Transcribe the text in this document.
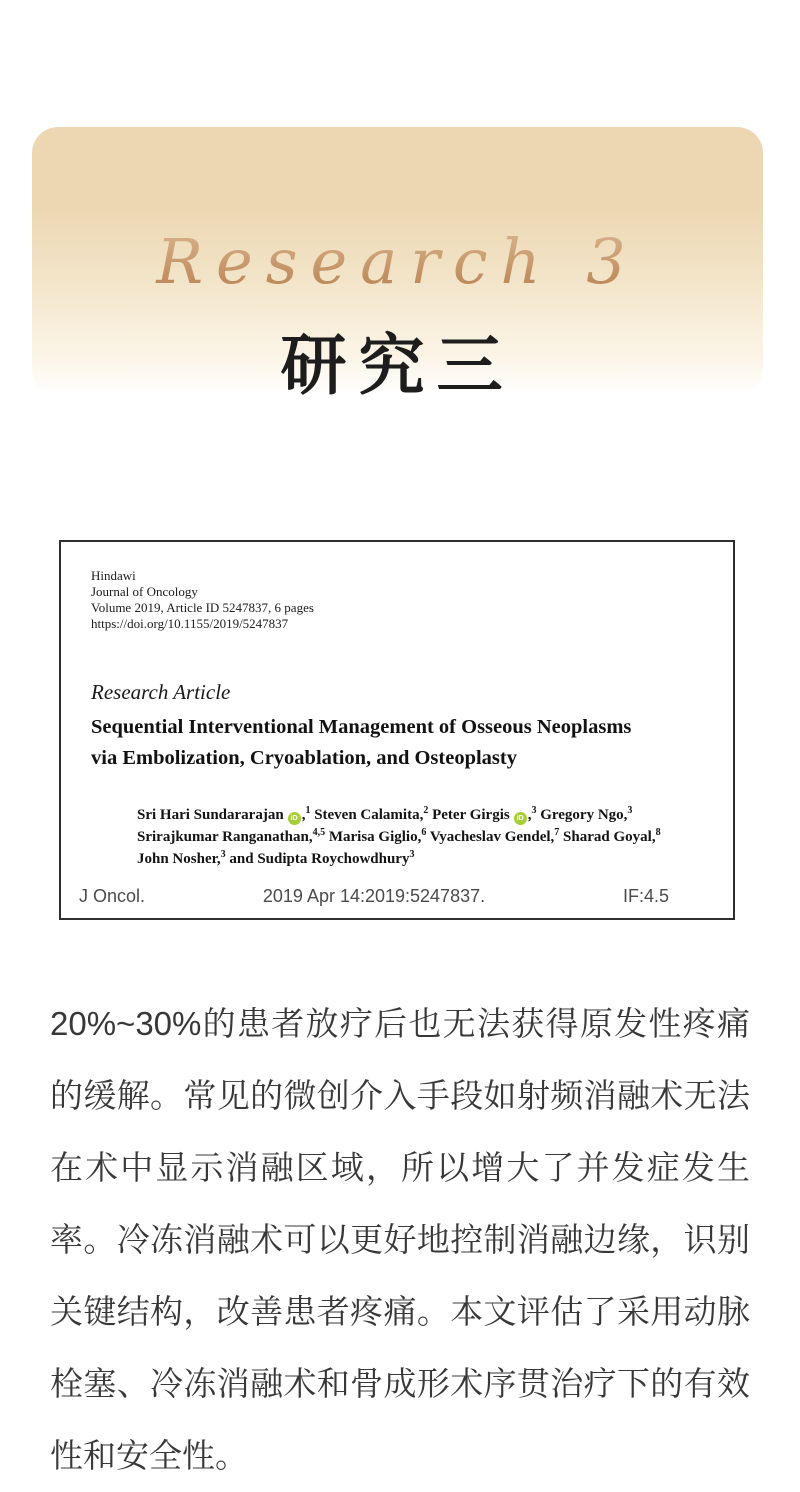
Research 3
研究三
Hindawi
Journal of Oncology
Volume 2019, Article ID 5247837, 6 pages
https://doi.org/10.1155/2019/5247837
Research Article
Sequential Interventional Management of Osseous Neoplasms
via Embolization, Cryoablation, and Osteoplasty
Sri Hari Sundararajan iD ,$^1$ Steven Calamita,$^2$ Peter Girgis iD ,$^3$ Gregory Ngo,$^3$
Srirajkumar Ranganathan,$^{4,5}$ Marisa Giglio,$^6$ Vyacheslav Gendel,$^7$ Sharad Goyal,$^8$
John Nosher,$^3$ and Sudipta Roychowdhury$^3$
J Oncol.	2019 Apr 14:2019:5247837.	IF:4.5
20%~30%的患者放疗后也无法获得原发性疼痛
的缓解。常见的微创介入手段如射频消融术无法
在术中显示消融区域，所以增大了并发症发生
率。冷冻消融术可以更好地控制消融边缘，识别
关键结构，改善患者疼痛。本文评估了采用动脉
栓塞、冷冻消融术和骨成形术序贯治疗下的有效
性和安全性。
